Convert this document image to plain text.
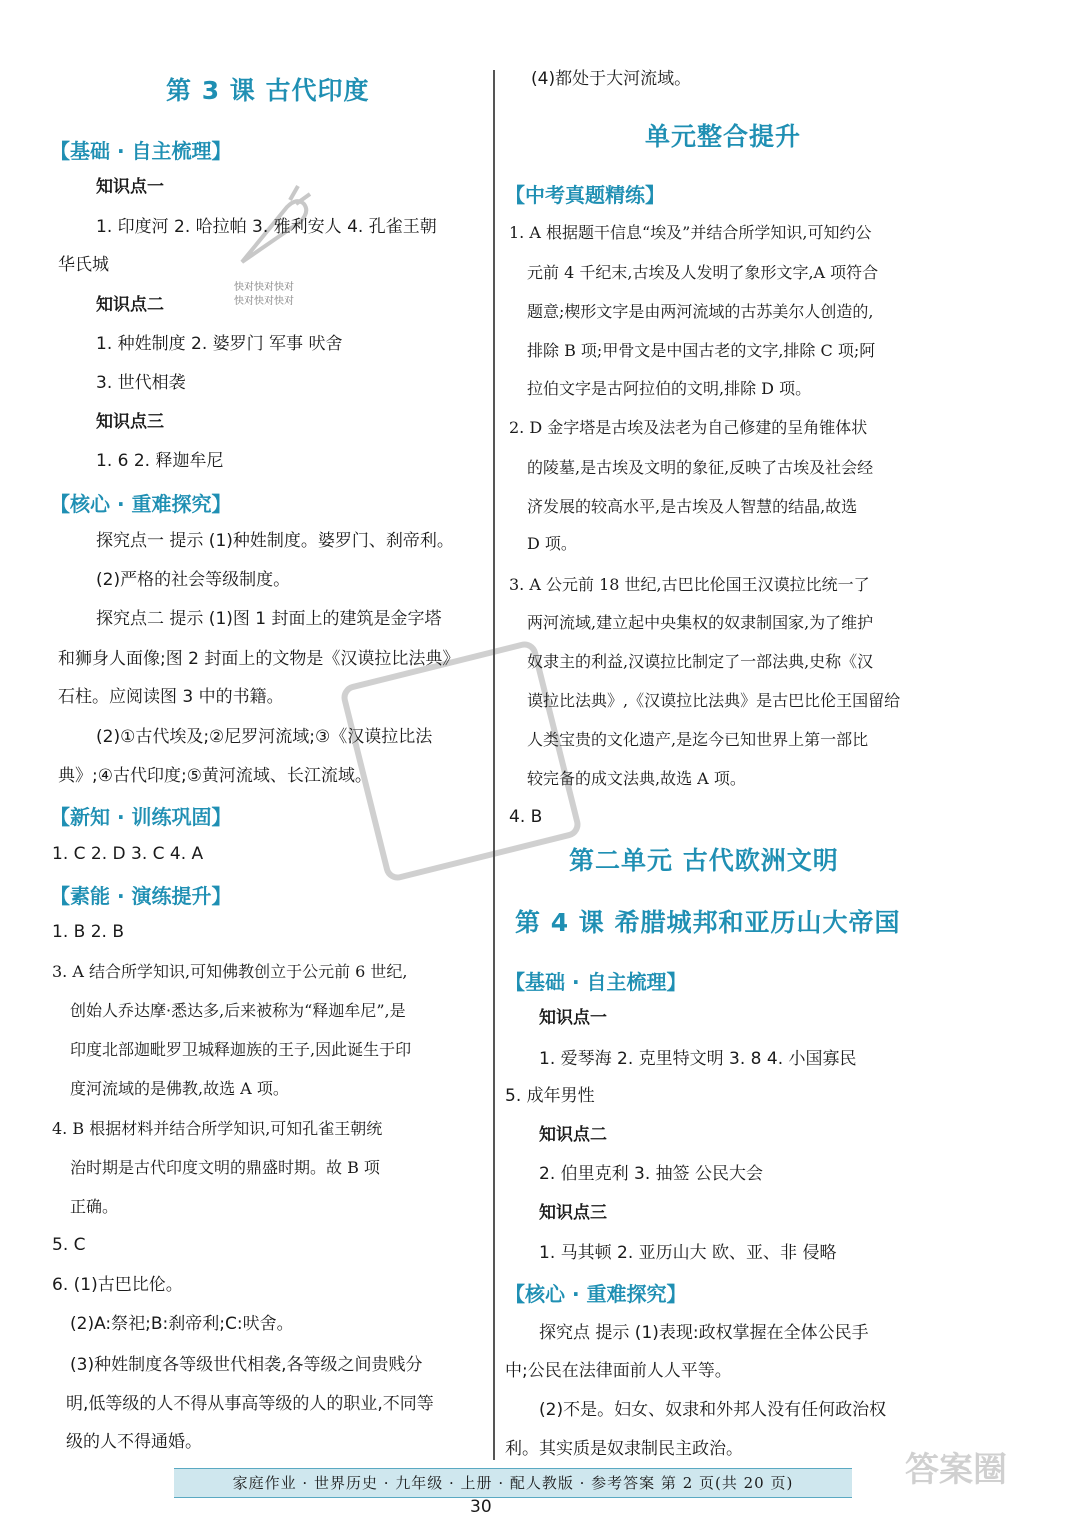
快对快对快对
快对快对快对
答案圈
第 3 课 古代印度
【 基础 · 自主梳理 】
知识点一
1. 印度河 2. 哈拉帕 3. 雅利安人 4. 孔雀王朝
华氏城
知识点二
1. 种姓制度 2. 婆罗门 军事 吠舍
3. 世代相袭
知识点三
1. 6 2. 释迦牟尼
【 核心 · 重难探究 】
探究点一 提示 (1)种姓制度。婆罗门、刹帝利。
(2)严格的社会等级制度。
探究点二 提示 (1)图 1 封面上的建筑是金字塔
和狮身人面像;图 2 封面上的文物是《汉谟拉比法典》
石柱。应阅读图 3 中的书籍。
(2)①古代埃及;②尼罗河流域;③《汉谟拉比法
典》;④古代印度;⑤黄河流域、长江流域。
【 新知 · 训练巩固 】
1. C 2. D 3. C 4. A
【 素能 · 演练提升 】
1. B 2. B
3. A 结合所学知识,可知佛教创立于公元前 6 世纪,
创始人乔达摩·悉达多,后来被称为“释迦牟尼”,是
印度北部迦毗罗卫城释迦族的王子,因此诞生于印
度河流域的是佛教,故选 A 项。
4. B 根据材料并结合所学知识,可知孔雀王朝统
治时期是古代印度文明的鼎盛时期。故 B 项
正确。
5. C
6. (1)古巴比伦。
(2)A:祭祀;B:刹帝利;C:吠舍。
(3)种姓制度各等级世代相袭,各等级之间贵贱分
明,低等级的人不得从事高等级的人的职业,不同等
级的人不得通婚。
(4)都处于大河流域。
单元整合提升
【 中考真题精练 】
1. A 根据题干信息“埃及”并结合所学知识,可知约公
元前 4 千纪末,古埃及人发明了象形文字,A 项符合
题意;楔形文字是由两河流域的古苏美尔人创造的,
排除 B 项;甲骨文是中国古老的文字,排除 C 项;阿
拉伯文字是古阿拉伯的文明,排除 D 项。
2. D 金字塔是古埃及法老为自己修建的呈角锥体状
的陵墓,是古埃及文明的象征,反映了古埃及社会经
济发展的较高水平,是古埃及人智慧的结晶,故选
D 项。
3. A 公元前 18 世纪,古巴比伦国王汉谟拉比统一了
两河流域,建立起中央集权的奴隶制国家,为了维护
奴隶主的利益,汉谟拉比制定了一部法典,史称《汉
谟拉比法典》,《汉谟拉比法典》是古巴比伦王国留给
人类宝贵的文化遗产,是迄今已知世界上第一部比
较完备的成文法典,故选 A 项。
4. B
第二单元 古代欧洲文明
第 4 课 希腊城邦和亚历山大帝国
【 基础 · 自主梳理 】
知识点一
1. 爱琴海 2. 克里特文明 3. 8 4. 小国寡民
5. 成年男性
知识点二
2. 伯里克利 3. 抽签 公民大会
知识点三
1. 马其顿 2. 亚历山大 欧、亚、非 侵略
【 核心 · 重难探究 】
探究点 提示 (1)表现:政权掌握在全体公民手
中;公民在法律面前人人平等。
(2)不是。妇女、奴隶和外邦人没有任何政治权
利。其实质是奴隶制民主政治。
家庭作业 · 世界历史 · 九年级 · 上册 · 配人教版 · 参考答案 第 2 页(共 20 页)
30
